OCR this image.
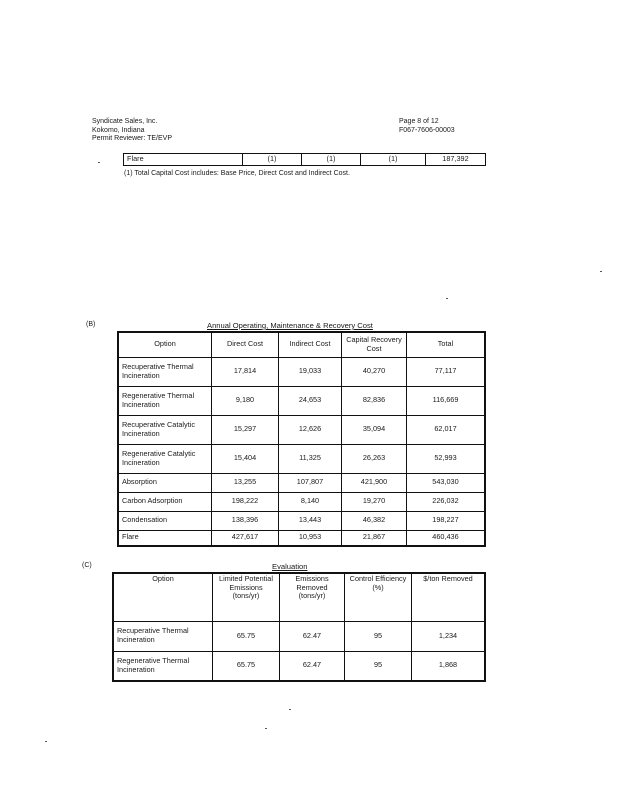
Syndicate Sales, Inc.
Kokomo, Indiana
Permit Reviewer: TE/EVP
Page 8 of 12
F067-7606-00003
Flare	(1)	(1)	(1)	187,392
(1) Total Capital Cost includes: Base Price, Direct Cost and Indirect Cost.
(B)	Annual Operating, Maintenance & Recovery Cost
Option	Direct Cost	Indirect Cost	Capital Recovery Cost	Total
Recuperative Thermal Incineration	17,814	19,033	40,270	77,117
Regenerative Thermal Incineration	9,180	24,653	82,836	116,669
Recuperative Catalytic Incineration	15,297	12,626	35,094	62,017
Regenerative Catalytic Incineration	15,404	11,325	26,263	52,993
Absorption	13,255	107,807	421,900	543,030
Carbon Adsorption	198,222	8,140	19,270	226,032
Condensation	138,396	13,443	46,382	198,227
Flare	427,617	10,953	21,867	460,436
(C)	Evaluation
Option	Limited Potential Emissions (tons/yr)	Emissions Removed (tons/yr)	Control Efficiency (%)	$/ton Removed
Recuperative Thermal Incineration	65.75	62.47	95	1,234
Regenerative Thermal Incineration	65.75	62.47	95	1,868
